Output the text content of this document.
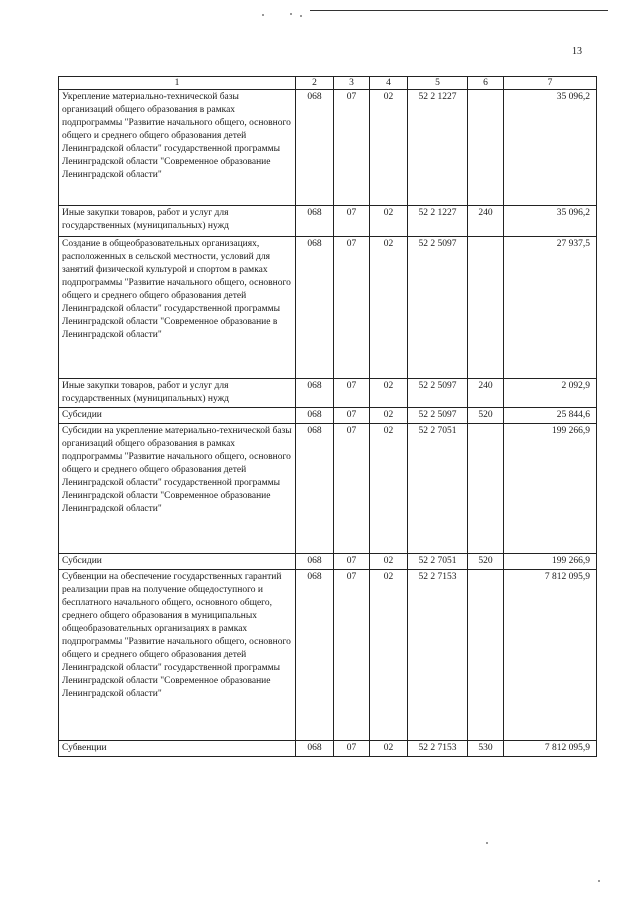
13
1	2	3	4	5	6	7
Укрепление материально-технической базы организаций общего образования в рамках подпрограммы "Развитие начального общего, основного общего и среднего общего образования детей Ленинградской области" государственной программы Ленинградской области "Современное образование Ленинградской области"	068	07	02	52 2 1227		35 096,2
Иные закупки товаров, работ и услуг для государственных (муниципальных) нужд	068	07	02	52 2 1227	240	35 096,2
Создание в общеобразовательных организациях, расположенных в сельской местности, условий для занятий физической культурой и спортом в рамках подпрограммы "Развитие начального общего, основного общего и среднего общего образования детей Ленинградской области" государственной программы Ленинградской области "Современное образование в Ленинградской области"	068	07	02	52 2 5097		27 937,5
Иные закупки товаров, работ и услуг для государственных (муниципальных) нужд	068	07	02	52 2 5097	240	2 092,9
Субсидии	068	07	02	52 2 5097	520	25 844,6
Субсидии на укрепление материально-технической базы организаций общего образования в рамках подпрограммы "Развитие начального общего, основного общего и среднего общего образования детей Ленинградской области" государственной программы Ленинградской области "Современное образование Ленинградской области"	068	07	02	52 2 7051		199 266,9
Субсидии	068	07	02	52 2 7051	520	199 266,9
Субвенции на обеспечение государственных гарантий реализации прав на получение общедоступного и бесплатного начального общего, основного общего, среднего общего образования в муниципальных общеобразовательных организациях в рамках подпрограммы "Развитие начального общего, основного общего и среднего общего образования детей Ленинградской области" государственной программы Ленинградской области "Современное образование Ленинградской области"	068	07	02	52 2 7153		7 812 095,9
Субвенции	068	07	02	52 2 7153	530	7 812 095,9
